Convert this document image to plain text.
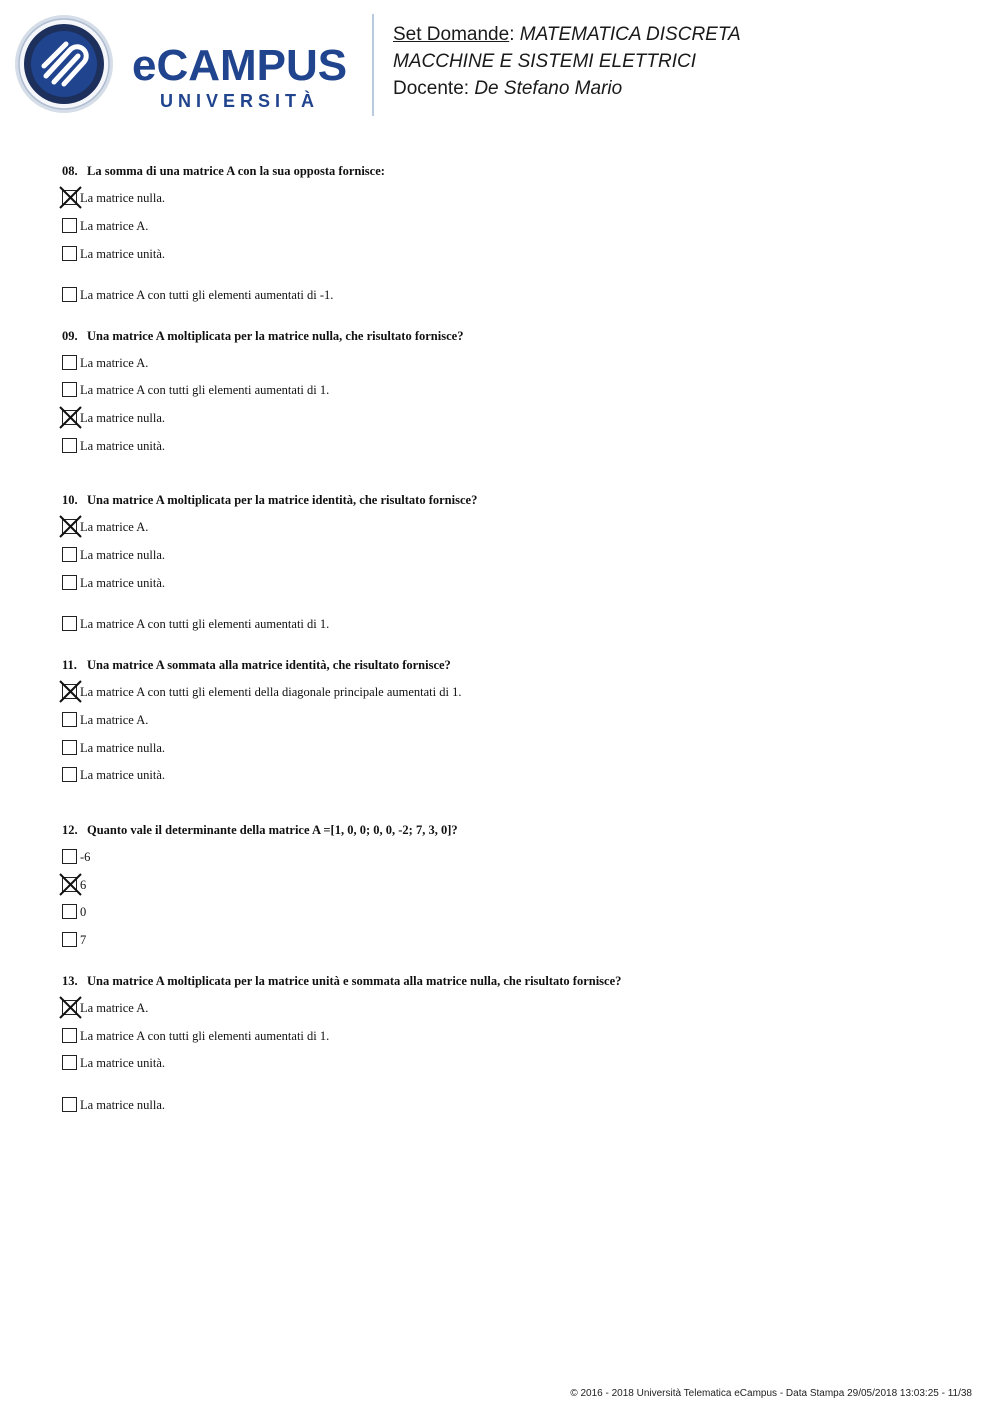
eCAMPUS
UNIVERSITÀ
Set Domande: MATEMATICA DISCRETA
MACCHINE E SISTEMI ELETTRICI
Docente: De Stefano Mario
08. La somma di una matrice A con la sua opposta fornisce:
La matrice nulla.
La matrice A.
La matrice unità.
La matrice A con tutti gli elementi aumentati di -1.
09. Una matrice A moltiplicata per la matrice nulla, che risultato fornisce?
La matrice A.
La matrice A con tutti gli elementi aumentati di 1.
La matrice nulla.
La matrice unità.
10. Una matrice A moltiplicata per la matrice identità, che risultato fornisce?
La matrice A.
La matrice nulla.
La matrice unità.
La matrice A con tutti gli elementi aumentati di 1.
11. Una matrice A sommata alla matrice identità, che risultato fornisce?
La matrice A con tutti gli elementi della diagonale principale aumentati di 1.
La matrice A.
La matrice nulla.
La matrice unità.
12. Quanto vale il determinante della matrice A =[1, 0, 0; 0, 0, -2; 7, 3, 0]?
-6
6
0
7
13. Una matrice A moltiplicata per la matrice unità e sommata alla matrice nulla, che risultato fornisce?
La matrice A.
La matrice A con tutti gli elementi aumentati di 1.
La matrice unità.
La matrice nulla.
© 2016 - 2018 Università Telematica eCampus - Data Stampa 29/05/2018 13:03:25 - 11/38
